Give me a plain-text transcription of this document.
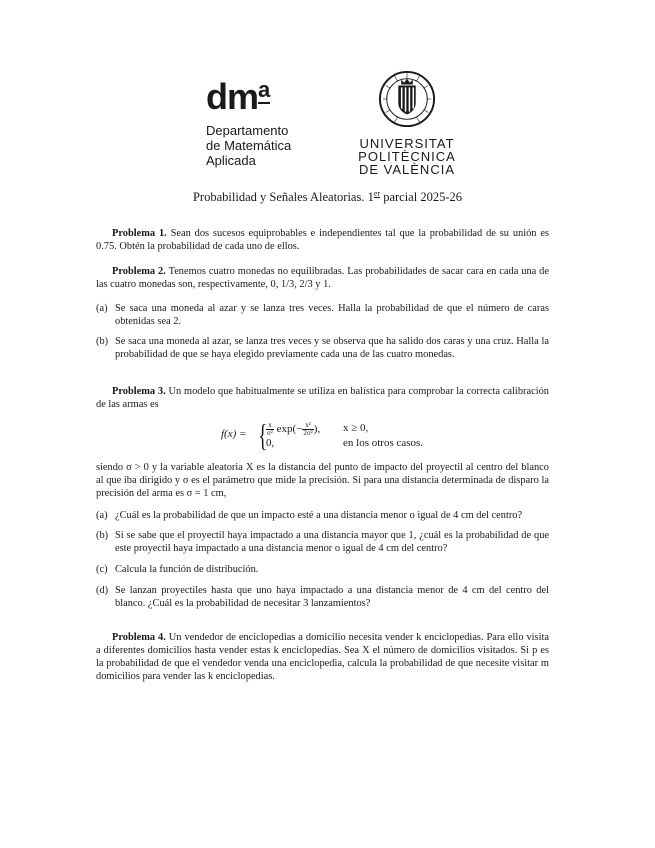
$dm^a$
Departamento
de Matemática
Aplicada
UNIVERSITAT
POLITÈCNICA
DE VALÈNCIA
Probabilidad y Señales Aleatorias. 1er parcial 2025-26
Problema 1. Sean dos sucesos equiprobables e independientes tal que la probabilidad de su unión es 0.75. Obtén la probabilidad de cada uno de ellos.
Problema 2. Tenemos cuatro monedas no equilibradas. Las probabilidades de sacar cara en cada una de las cuatro monedas son, respectivamente, 0, 1/3, 2/3 y 1.
(a) Se saca una moneda al azar y se lanza tres veces. Halla la probabilidad de que el número de caras obtenidas sea 2.
(b) Se saca una moneda al azar, se lanza tres veces y se observa que ha salido dos caras y una cruz. Halla la probabilidad de que se haya elegido previamente cada una de las cuatro monedas.
Problema 3. Un modelo que habitualmente se utiliza en balística para comprobar la correcta calibración de las armas es
f(x) = {
$\frac{x}{\text{σ²}} \exp(- \frac{\text{x²}}{\text{2σ²}}$ ), x ≥ 0,
0,	en los otros casos.
siendo σ > 0 y la variable aleatoria X es la distancia del punto de impacto del proyectil al centro del blanco al que iba dirigido y σ es el parámetro que mide la precisión. Si para una distancia determinada de disparo la precisión del arma es σ = 1 cm,
(a) ¿Cuál es la probabilidad de que un impacto esté a una distancia menor o igual de 4 cm del centro?
(b) Si se sabe que el proyectil haya impactado a una distancia mayor que 1, ¿cuál es la probabilidad de que este proyectil haya impactado a una distancia menor o igual de 4 cm del centro?
(c) Calcula la función de distribución.
(d) Se lanzan proyectiles hasta que uno haya impactado a una distancia menor de 4 cm del centro del blanco. ¿Cuál es la probabilidad de necesitar 3 lanzamientos?
Problema 4. Un vendedor de enciclopedias a domicilio necesita vender k enciclopedias. Para ello visita a diferentes domicilios hasta vender estas k enciclopedias. Sea X el número de domicilios visitados. Si p es la probabilidad de que el vendedor venda una enciclopedia, calcula la probabilidad de que necesite visitar m domicilios para vender las k enciclopedias.
